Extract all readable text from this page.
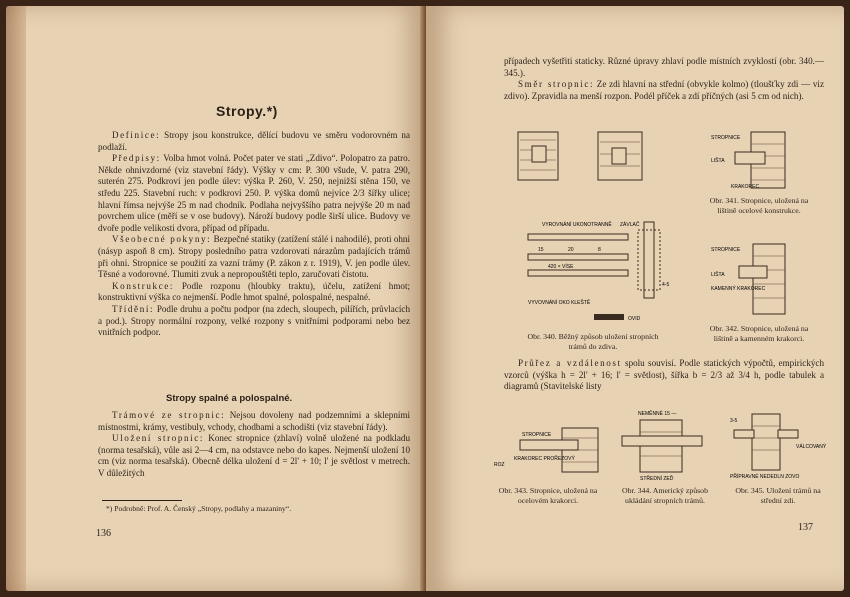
Stropy.*)

Definice: Stropy jsou konstrukce, dělící budovu ve směru vodorovném na podlaží.

Předpisy: Volba hmot volná. Počet pater ve stati „Zdivo“. Polopatro za patro. Někde ohnivzdorné (viz stavební řády). Výšky v cm: P. 300 všude, V. patra 290, suterén 275. Podkroví jen podle úlev: výška P. 260, V. 250, nejnižší stěna 150, ve středu 225. Stavební ruch: v podkroví 250. P. výška domů nejvíce 2/3 šířky ulice; hlavní římsa nejvýše 25 m nad chodník. Podlaha nejvyššího patra nejvýše 20 m nad povrchem ulice (měří se v ose budovy). Nároží budovy podle širší ulice. Budovy ve dvoře podle velikosti dvora, případ od případu.

Všeobecné pokyny: Bezpečné statiky (zatížení stálé i nahodilé), proti ohni (násyp aspoň 8 cm). Stropy posledního patra vzdorovati nárazům padajících trámů při ohni. Stropnice se použití za vazní trámy (P. zákon z r. 1919), V. jen podle úlev. Těsné a vodorovné. Tlumiti zvuk a nepropouštěti teplo, zaručovati čistotu.

Konstrukce: Podle rozponu (hloubky traktu), účelu, zatížení hmot; konstruktivní výška co nejmenší. Podle hmot spalné, polospalné, nespalné.

Třídění: Podle druhu a počtu podpor (na zdech, sloupech, pilířích, průvlacích a pod.). Stropy normální rozpony, velké rozpony s vnitřními podporami nebo bez vnitřních podpor.

Stropy spalné a polospalné.

Trámové ze stropnic: Nejsou dovoleny nad podzemními a sklepními místnostmi, krámy, vestibuly, vchody, chodbami a schodišti (viz stavební řády).

Uložení stropnic: Konec stropnice (zhlaví) volně uložené na podkladu (norma tesařská), vůle asi 2—4 cm, na odstavce nebo do kapes. Nejmenší uložení 10 cm (viz norma tesařská). Obecně délka uložení d = 2l' + 10; l' je světlost v metrech. V důležitých

*) Podrobně: Prof. A. Čenský „Stropy, podlahy a mazaniny“.
136

případech vyšetřiti staticky. Různé úpravy zhlaví podle místních zvyklostí (obr. 340.—345.).

Směr stropnic: Ze zdi hlavní na střední (obvykle kolmo) (tloušťky zdi — viz zdivo). Zpravidla na menší rozpon. Podél příček a zdí příčných (asi 5 cm od nich).

VYROVNÁNÍ UKONOTRANNĚ ZÁVLAČ
15	20	8
420 × VÍSE
4-5
VYVOVNÁNÍ OKO KLEŠTĚ
OVID
Obr. 340. Běžný způsob uložení stropních trámů do zdiva.
STROPNICE
LIŠTA
KRAKOREC
Obr. 341. Stropnice, uložená na lištině ocelové konstrukce.
STROPNICE
LIŠTA
KAMENNÝ KRAKOREC
Obr. 342. Stropnice, uložená na lištině a kamenném krakorci.

Průřez a vzdálenost spolu souvisí. Podle statických výpočtů, empirických vzorců (výška h = 2l' + 16; l' = světlost), šířka b = 2/3 až 3/4 h, podle tabulek a diagramů (Stavitelské listy

STROPNICE
KRAKOREC PROŘEZOVÝ
ROZ
Obr. 343. Stropnice, uložená na ocelovém krakorci.
NEMĚNNÉ 15 —
STŘEDNÍ ZEĎ
Obr. 344. Americký způsob ukládání stropních trámů.
3-5
VÁLCOVANÝ
PŘÍPRAVNÉ NEDEDLN ZOVO
Obr. 345. Uložení trámů na střední zdi.
137
